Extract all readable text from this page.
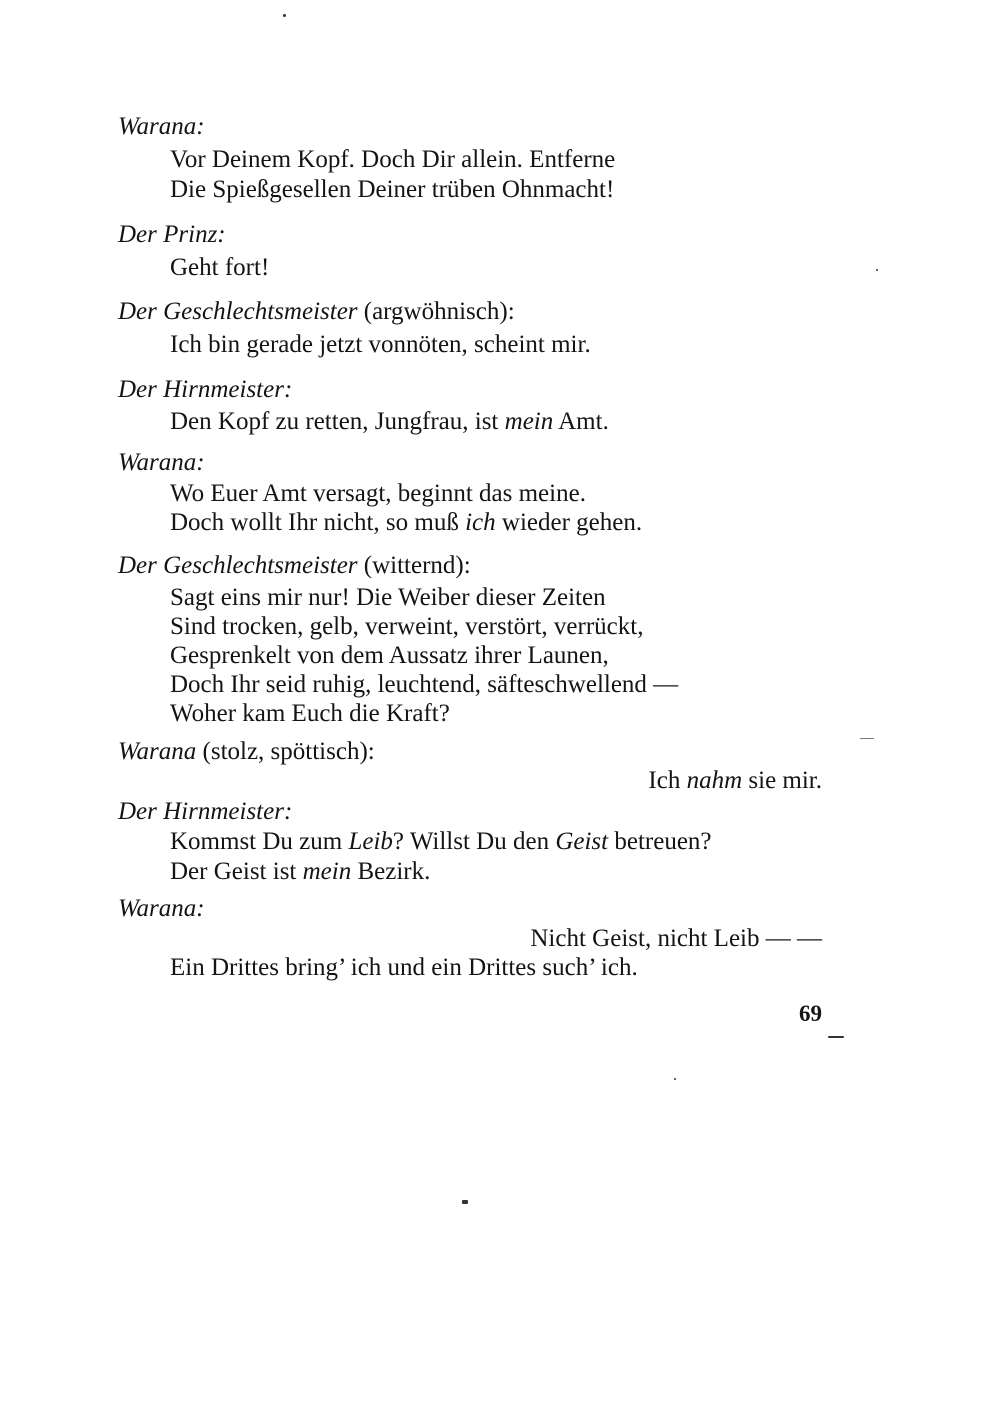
Warana:
Vor Deinem Kopf. Doch Dir allein. Entferne
Die Spießgesellen Deiner trüben Ohnmacht!
Der Prinz:
Geht fort!
Der Geschlechtsmeister (argwöhnisch):
Ich bin gerade jetzt vonnöten, scheint mir.
Der Hirnmeister:
Den Kopf zu retten, Jungfrau, ist mein Amt.
Warana:
Wo Euer Amt versagt, beginnt das meine.
Doch wollt Ihr nicht, so muß ich wieder gehen.
Der Geschlechtsmeister (witternd):
Sagt eins mir nur! Die Weiber dieser Zeiten
Sind trocken, gelb, verweint, verstört, verrückt,
Gesprenkelt von dem Aussatz ihrer Launen,
Doch Ihr seid ruhig, leuchtend, säfteschwellend —
Woher kam Euch die Kraft?
Warana (stolz, spöttisch):
Ich nahm sie mir.
Der Hirnmeister:
Kommst Du zum Leib? Willst Du den Geist betreuen?
Der Geist ist mein Bezirk.
Warana:
Nicht Geist, nicht Leib — —
Ein Drittes bring’ ich und ein Drittes such’ ich.
69
